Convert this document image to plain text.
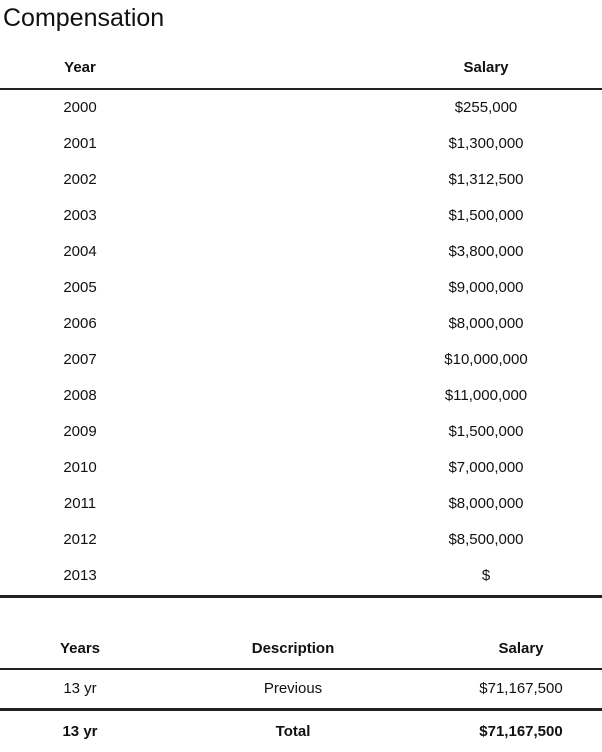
Compensation
Year	Salary
2000	$255,000
2001	$1,300,000
2002	$1,312,500
2003	$1,500,000
2004	$3,800,000
2005	$9,000,000
2006	$8,000,000
2007	$10,000,000
2008	$11,000,000
2009	$1,500,000
2010	$7,000,000
2011	$8,000,000
2012	$8,500,000
2013	$
Years	Description	Salary
13 yr	Previous	$71,167,500
13 yr	Total	$71,167,500
